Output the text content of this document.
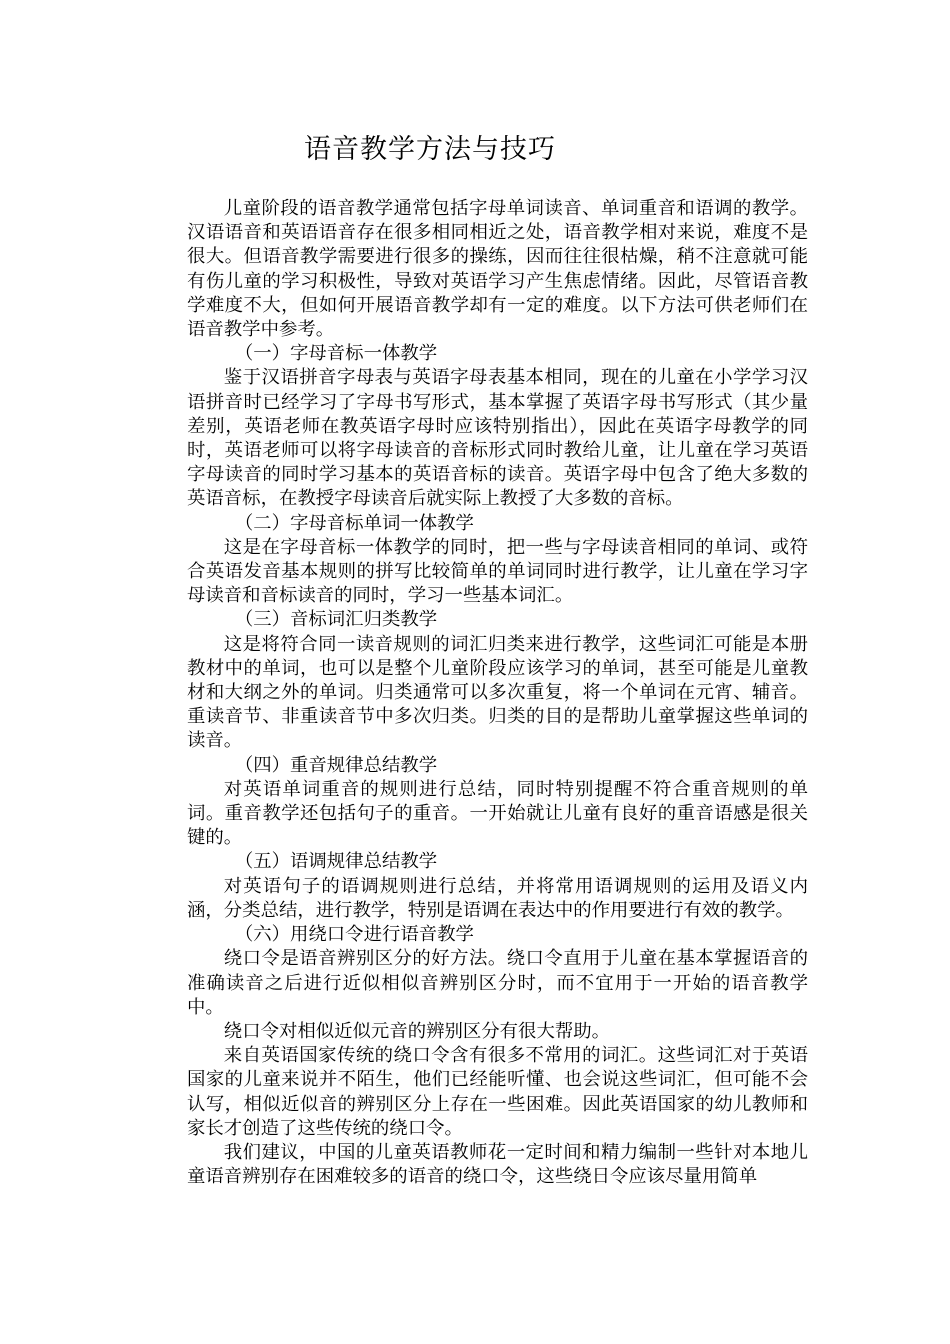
语音教学方法与技巧

儿童阶段的语音教学通常包括字母单词读音、单词重音和语调的教学。汉语语音和英语语音存在很多相同相近之处，语音教学相对来说，难度不是很大。但语音教学需要进行很多的操练，因而往往很枯燥，稍不注意就可能有伤儿童的学习积极性，导致对英语学习产生焦虑情绪。因此，尽管语音教学难度不大，但如何开展语音教学却有一定的难度。以下方法可供老师们在语音教学中参考。

（一）字母音标一体教学

鉴于汉语拼音字母表与英语字母表基本相同，现在的儿童在小学学习汉语拼音时已经学习了字母书写形式，基本掌握了英语字母书写形式（其少量差别，英语老师在教英语字母时应该特别指出），因此在英语字母教学的同时，英语老师可以将字母读音的音标形式同时教给儿童，让儿童在学习英语字母读音的同时学习基本的英语音标的读音。英语字母中包含了绝大多数的英语音标，在教授字母读音后就实际上教授了大多数的音标。

（二）字母音标单词一体教学

这是在字母音标一体教学的同时，把一些与字母读音相同的单词、或符合英语发音基本规则的拼写比较简单的单词同时进行教学，让儿童在学习字母读音和音标读音的同时，学习一些基本词汇。

（三）音标词汇归类教学

这是将符合同一读音规则的词汇归类来进行教学，这些词汇可能是本册教材中的单词，也可以是整个儿童阶段应该学习的单词，甚至可能是儿童教材和大纲之外的单词。归类通常可以多次重复，将一个单词在元宵、辅音。重读音节、非重读音节中多次归类。归类的目的是帮助儿童掌握这些单词的读音。

（四）重音规律总结教学

对英语单词重音的规则进行总结，同时特别提醒不符合重音规则的单词。重音教学还包括句子的重音。一开始就让儿童有良好的重音语感是很关键的。

（五）语调规律总结教学

对英语句子的语调规则进行总结，并将常用语调规则的运用及语义内涵，分类总结，进行教学，特别是语调在表达中的作用要进行有效的教学。

（六）用绕口令进行语音教学

绕口令是语音辨别区分的好方法。绕口令直用于儿童在基本掌握语音的准确读音之后进行近似相似音辨别区分时，而不宜用于一开始的语音教学中。

绕口令对相似近似元音的辨别区分有很大帮助。

来自英语国家传统的绕口令含有很多不常用的词汇。这些词汇对于英语国家的儿童来说并不陌生，他们已经能听懂、也会说这些词汇，但可能不会认写，相似近似音的辨别区分上存在一些困难。因此英语国家的幼儿教师和家长才创造了这些传统的绕口令。

我们建议，中国的儿童英语教师花一定时间和精力编制一些针对本地儿童语音辨别存在困难较多的语音的绕口令，这些绕日令应该尽量用简单
